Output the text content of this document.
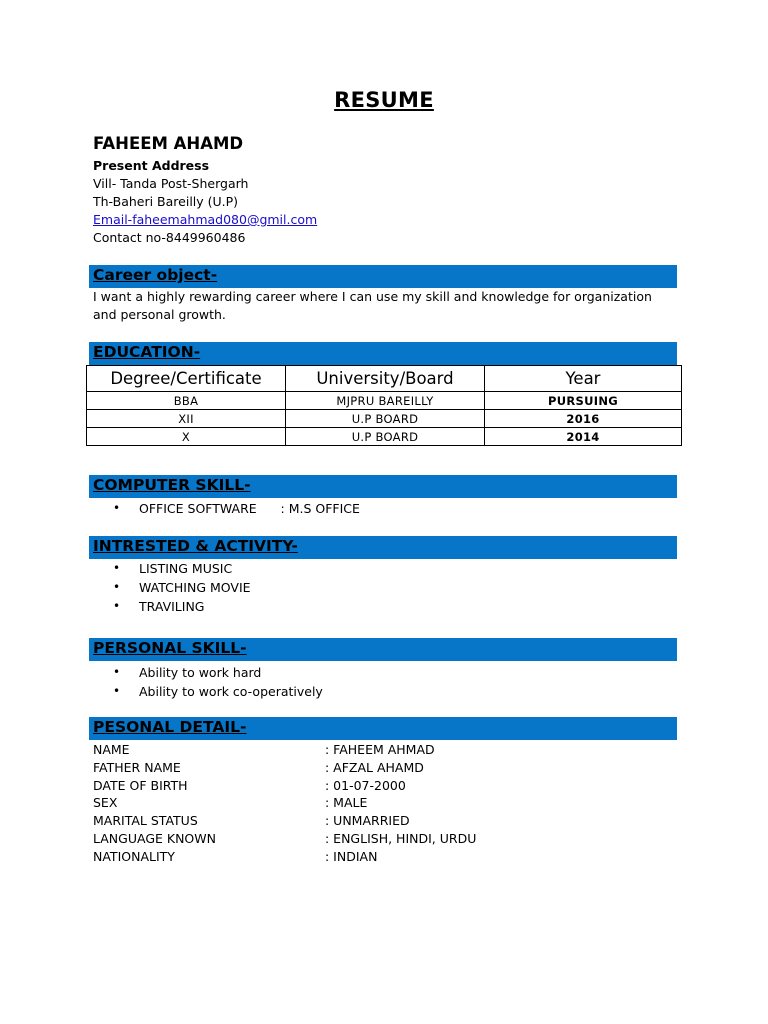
RESUME
FAHEEM AHAMD
Present Address
Vill- Tanda Post-Shergarh
Th-Baheri Bareilly (U.P)
Email-faheemahmad080@gmil.com
Contact no-8449960486
Career object-
I want a highly rewarding career where I can use my skill and knowledge for organization and personal growth.
EDUCATION-
Degree/Certificate	University/Board	Year
BBA	MJPRU BAREILLY	PURSUING
XII	U.P BOARD	2016
X	U.P BOARD	2014
COMPUTER SKILL-
• OFFICE SOFTWARE      : M.S OFFICE
INTRESTED & ACTIVITY-
• LISTING MUSIC
• WATCHING MOVIE
• TRAVILING
PERSONAL SKILL-
• Ability to work hard
• Ability to work co-operatively
PESONAL DETAIL-
NAME	: FAHEEM AHMAD
FATHER NAME	: AFZAL AHAMD
DATE OF BIRTH	: 01-07-2000
SEX	: MALE
MARITAL STATUS	: UNMARRIED
LANGUAGE KNOWN	: ENGLISH, HINDI, URDU
NATIONALITY	: INDIAN
